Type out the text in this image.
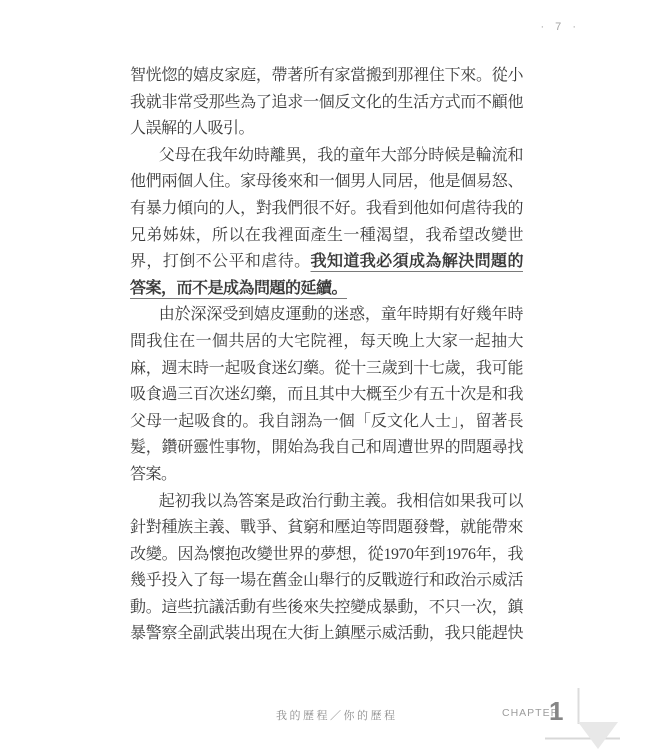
· 7 ·
智恍惚的嬉皮家庭，帶著所有家當搬到那裡住下來。從小
我就非常受那些為了追求一個反文化的生活方式而不顧他
人誤解的人吸引。
父母在我年幼時離異，我的童年大部分時候是輪流和
他們兩個人住。家母後來和一個男人同居，他是個易怒、
有暴力傾向的人，對我們很不好。我看到他如何虐待我的
兄弟姊妹，所以在我裡面產生一種渴望，我希望改變世
界，打倒不公平和虐待。我知道我必須成為解決問題的
答案，而不是成為問題的延續。
由於深深受到嬉皮運動的迷惑，童年時期有好幾年時
間我住在一個共居的大宅院裡，每天晚上大家一起抽大
麻，週末時一起吸食迷幻藥。從十三歲到十七歲，我可能
吸食過三百次迷幻藥，而且其中大概至少有五十次是和我
父母一起吸食的。我自詡為一個「反文化人士」，留著長
髮，鑽研靈性事物，開始為我自己和周遭世界的問題尋找
答案。
起初我以為答案是政治行動主義。我相信如果我可以
針對種族主義、戰爭、貧窮和壓迫等問題發聲，就能帶來
改變。因為懷抱改變世界的夢想，從1970年到1976年，我
幾乎投入了每一場在舊金山舉行的反戰遊行和政治示威活
動。這些抗議活動有些後來失控變成暴動，不只一次，鎮
暴警察全副武裝出現在大街上鎮壓示威活動，我只能趕快
我的歷程／你的歷程	CHAPTER
1
